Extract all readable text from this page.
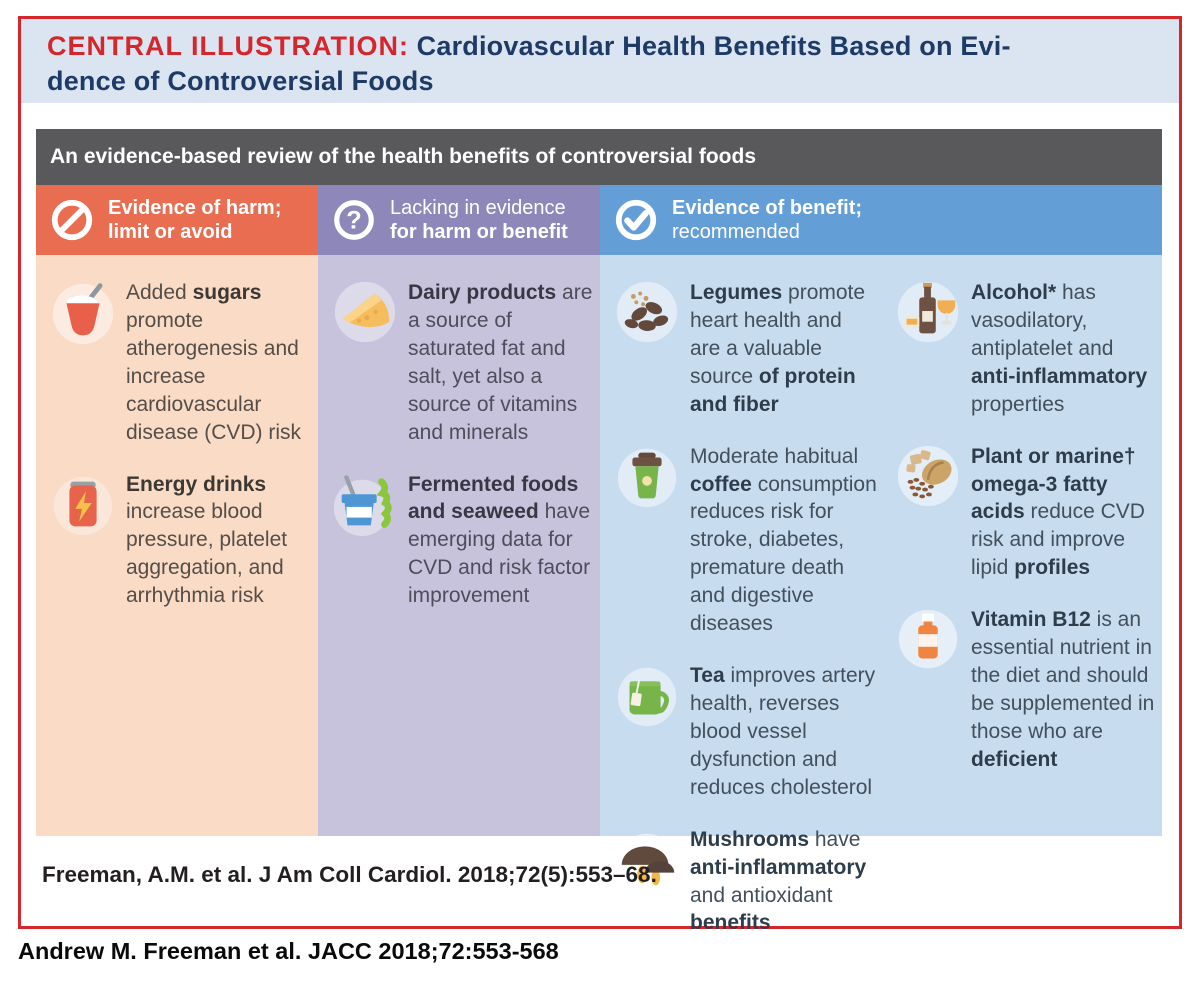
CENTRAL ILLUSTRATION: Cardiovascular Health Benefits Based on Evi-
dence of Controversial Foods
An evidence-based review of the health benefits of controversial foods
Evidence of harm;
limit or avoid

Added sugars promote atherogenesis and increase cardiovascular disease (CVD) risk

Energy drinks increase blood pressure, platelet aggregation, and arrhythmia risk

? Lacking in evidence
for harm or benefit

Dairy products are a source of saturated fat and salt, yet also a source of vitamins and minerals

Fermented foods and seaweed have emerging data for CVD and risk factor improvement

Evidence of benefit;
recommended

Legumes promote heart health and are a valuable source of protein and fiber

Moderate habitual coffee consumption reduces risk for stroke, diabetes, premature death and digestive diseases

Tea improves artery health, reverses blood vessel dysfunction and reduces cholesterol

Mushrooms have anti-inflammatory and antioxidant benefits

Alcohol* has vasodilatory, antiplatelet and anti-inflammatory properties

Plant or marine† omega-3 fatty acids reduce CVD risk and improve lipid profiles

Vitamin B12 is an essential nutrient in the diet and should be supplemented in those who are deficient

Freeman, A.M. et al. J Am Coll Cardiol. 2018;72(5):553–68.
Andrew M. Freeman et al. JACC 2018;72:553-568
